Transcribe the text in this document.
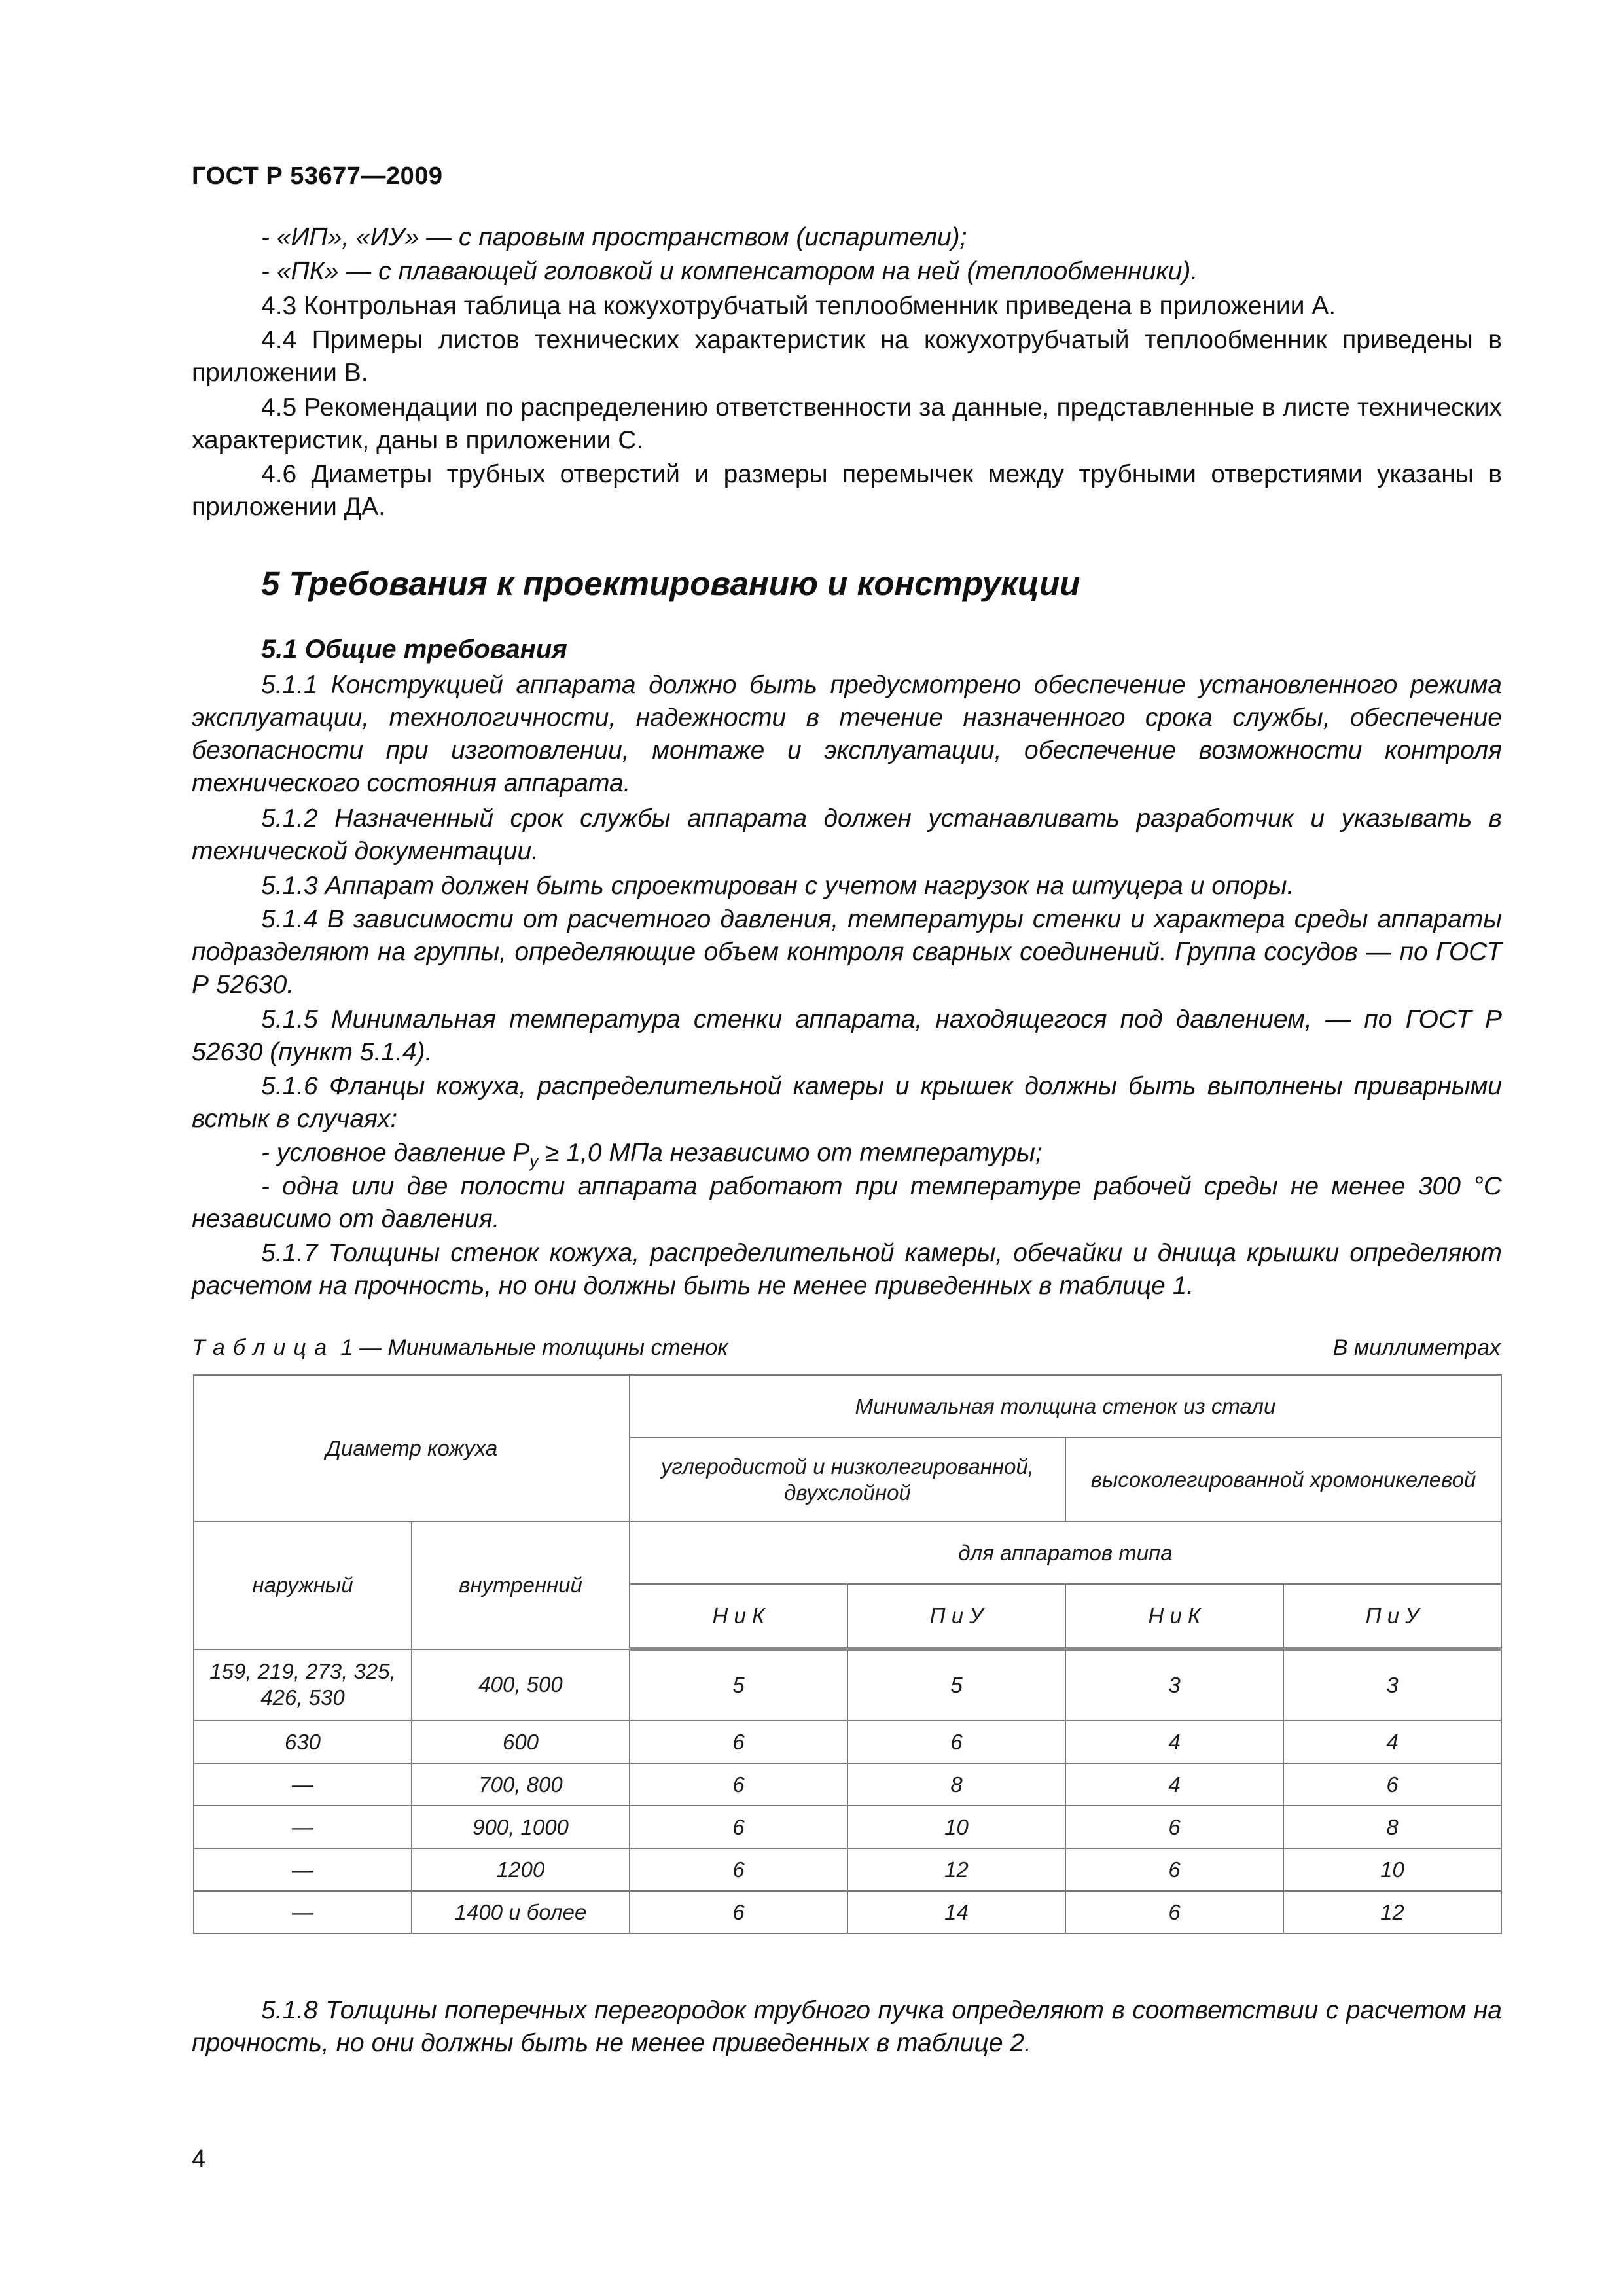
ГОСТ Р 53677—2009
- «ИП», «ИУ» — с паровым пространством (испарители);
- «ПК» — с плавающей головкой и компенсатором на ней (теплообменники).
4.3 Контрольная таблица на кожухотрубчатый теплообменник приведена в приложении А.
4.4 Примеры листов технических характеристик на кожухотрубчатый теплообменник приведены в приложении В.
4.5 Рекомендации по распределению ответственности за данные, представленные в листе технических характеристик, даны в приложении С.
4.6 Диаметры трубных отверстий и размеры перемычек между трубными отверстиями указаны в приложении ДА.
5 Требования к проектированию и конструкции
5.1 Общие требования
5.1.1 Конструкцией аппарата должно быть предусмотрено обеспечение установленного режима эксплуатации, технологичности, надежности в течение назначенного срока службы, обеспечение безопасности при изготовлении, монтаже и эксплуатации, обеспечение возможности контроля технического состояния аппарата.
5.1.2 Назначенный срок службы аппарата должен устанавливать разработчик и указывать в технической документации.
5.1.3 Аппарат должен быть спроектирован с учетом нагрузок на штуцера и опоры.
5.1.4 В зависимости от расчетного давления, температуры стенки и характера среды аппараты подразделяют на группы, определяющие объем контроля сварных соединений. Группа сосудов — по ГОСТ Р 52630.
5.1.5 Минимальная температура стенки аппарата, находящегося под давлением, — по ГОСТ Р 52630 (пункт 5.1.4).
5.1.6 Фланцы кожуха, распределительной камеры и крышек должны быть выполнены приварными встык в случаях:
- условное давление $P_y \ge 1,0$ МПа независимо от температуры;
- одна или две полости аппарата работают при температуре рабочей среды не менее 300 °С независимо от давления.
5.1.7 Толщины стенок кожуха, распределительной камеры, обечайки и днища крышки определяют расчетом на прочность, но они должны быть не менее приведенных в таблице 1.
Таблица 1 — Минимальные толщины стенок	В миллиметрах
Диаметр кожуха		Минимальная толщина стенок из стали			
		углеродистой и низколегированной, двухслойной		высоколегированной хромоникелевой	
наружный	внутренний	для аппаратов типа			
		Н и К	П и У	Н и К	П и У
159, 219, 273, 325, 426, 530	400, 500	5	5	3	3
630	600	6	6	4	4
—	700, 800	6	8	4	6
—	900, 1000	6	10	6	8
—	1200	6	12	6	10
—	1400 и более	6	14	6	12
5.1.8 Толщины поперечных перегородок трубного пучка определяют в соответствии с расчетом на прочность, но они должны быть не менее приведенных в таблице 2.
4
